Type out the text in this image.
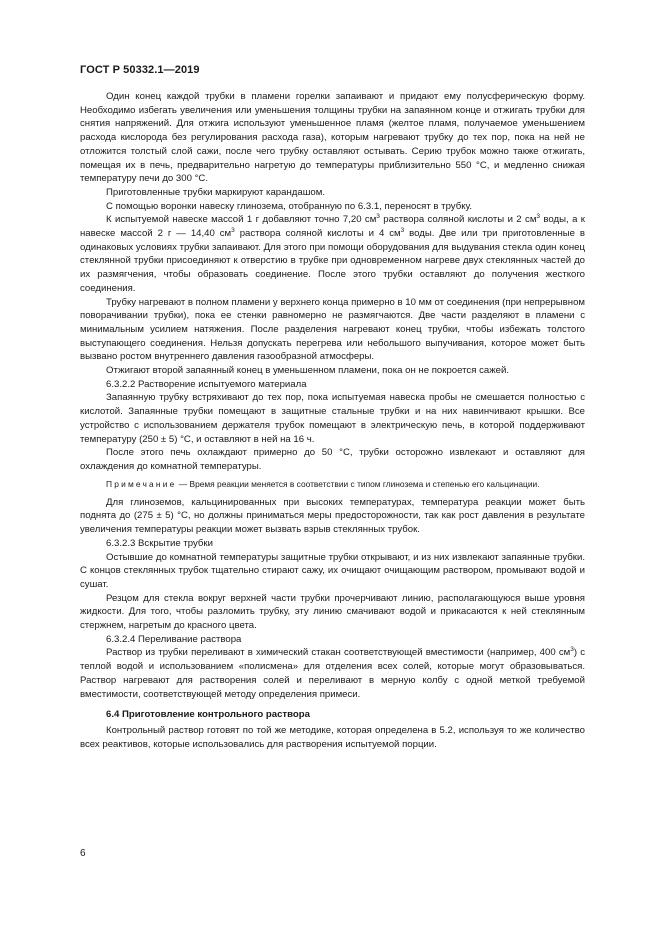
ГОСТ Р 50332.1—2019

Один конец каждой трубки в пламени горелки запаивают и придают ему полусферическую форму. Необходимо избегать увеличения или уменьшения толщины трубки на запаянном конце и отжигать трубки для снятия напряжений. Для отжига используют уменьшенное пламя (желтое пламя, получаемое уменьшением расхода кислорода без регулирования расхода газа), которым нагревают трубку до тех пор, пока на ней не отложится толстый слой сажи, после чего трубку оставляют остывать. Серию трубок можно также отжигать, помещая их в печь, предварительно нагретую до температуры приблизительно 550 °С, и медленно снижая температуру печи до 300 °С.

Приготовленные трубки маркируют карандашом.

С помощью воронки навеску глинозема, отобранную по 6.3.1, переносят в трубку.

К испытуемой навеске массой 1 г добавляют точно 7,20 $см^3$ раствора соляной кислоты и 2 $см^3$ воды, а к навеске массой 2 г — 14,40 $см^3$ раствора соляной кислоты и 4 $см^3$ воды. Две или три приготовленные в одинаковых условиях трубки запаивают. Для этого при помощи оборудования для выдувания стекла один конец стеклянной трубки присоединяют к отверстию в трубке при одновременном нагреве двух стеклянных частей до их размягчения, чтобы образовать соединение. После этого трубки оставляют до получения жесткого соединения.

Трубку нагревают в полном пламени у верхнего конца примерно в 10 мм от соединения (при непрерывном поворачивании трубки), пока ее стенки равномерно не размягчаются. Две части разделяют в пламени с минимальным усилием натяжения. После разделения нагревают конец трубки, чтобы избежать толстого выступающего соединения. Нельзя допускать перегрева или небольшого выпучивания, которое может быть вызвано ростом внутреннего давления газообразной атмосферы.

Отжигают второй запаянный конец в уменьшенном пламени, пока он не покроется сажей.

6.3.2.2 Растворение испытуемого материала

Запаянную трубку встряхивают до тех пор, пока испытуемая навеска пробы не смешается полностью с кислотой. Запаянные трубки помещают в защитные стальные трубки и на них навинчивают крышки. Все устройство с использованием держателя трубок помещают в электрическую печь, в которой поддерживают температуру (250 ± 5) °С, и оставляют в ней на 16 ч.

После этого печь охлаждают примерно до 50 °С, трубки осторожно извлекают и оставляют для охлаждения до комнатной температуры.

Примечание — Время реакции меняется в соответствии с типом глинозема и степенью его кальцинации.

Для глиноземов, кальцинированных при высоких температурах, температура реакции может быть поднята до (275 ± 5) °С, но должны приниматься меры предосторожности, так как рост давления в результате увеличения температуры реакции может вызвать взрыв стеклянных трубок.

6.3.2.3 Вскрытие трубки

Остывшие до комнатной температуры защитные трубки открывают, и из них извлекают запаянные трубки. С концов стеклянных трубок тщательно стирают сажу, их очищают очищающим раствором, промывают водой и сушат.

Резцом для стекла вокруг верхней части трубки прочерчивают линию, располагающуюся выше уровня жидкости. Для того, чтобы разломить трубку, эту линию смачивают водой и прикасаются к ней стеклянным стержнем, нагретым до красного цвета.

6.3.2.4 Переливание раствора

Раствор из трубки переливают в химический стакан соответствующей вместимости (например, 400 $см^3$) с теплой водой и использованием «полисмена» для отделения всех солей, которые могут образовываться. Раствор нагревают для растворения солей и переливают в мерную колбу с одной меткой требуемой вместимости, соответствующей методу определения примеси.

6.4 Приготовление контрольного раствора

Контрольный раствор готовят по той же методике, которая определена в 5.2, используя то же количество всех реактивов, которые использовались для растворения испытуемой порции.

6
